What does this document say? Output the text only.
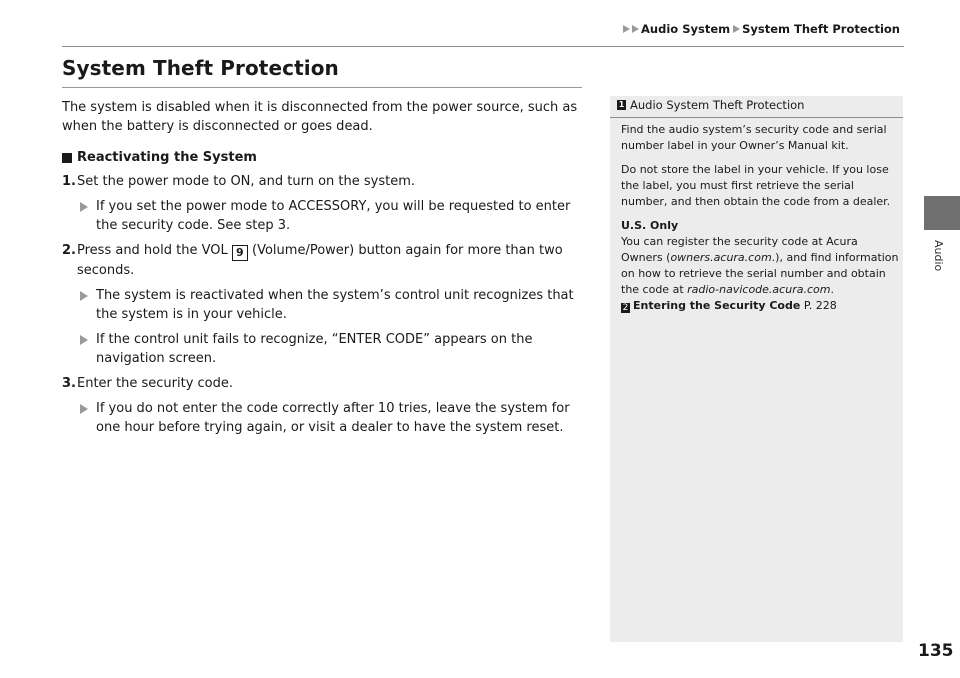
Audio System System Theft Protection
Audio
System Theft Protection

The system is disabled when it is disconnected from the power source, such as when the battery is disconnected or goes dead.

Reactivating the System

1. Set the power mode to ON, and turn on the system.
If you set the power mode to ACCESSORY, you will be requested to enter the security code. See step 3.
2. Press and hold the VOL 9 (Volume/Power) button again for more than two seconds.
The system is reactivated when the system’s control unit recognizes that the system is in your vehicle.
If the control unit fails to recognize, “ENTER CODE” appears on the navigation screen.
3. Enter the security code.
If you do not enter the code correctly after 10 tries, leave the system for one hour before trying again, or visit a dealer to have the system reset.
1 Audio System Theft Protection

Find the audio system’s security code and serial number label in your Owner’s Manual kit.

Do not store the label in your vehicle. If you lose the label, you must first retrieve the serial number, and then obtain the code from a dealer.

U.S. Only

You can register the security code at Acura Owners (owners.acura.com.), and find information on how to retrieve the serial number and obtain the code at radio-navicode.acura.com.

2 Entering the Security Code P. 228

135
